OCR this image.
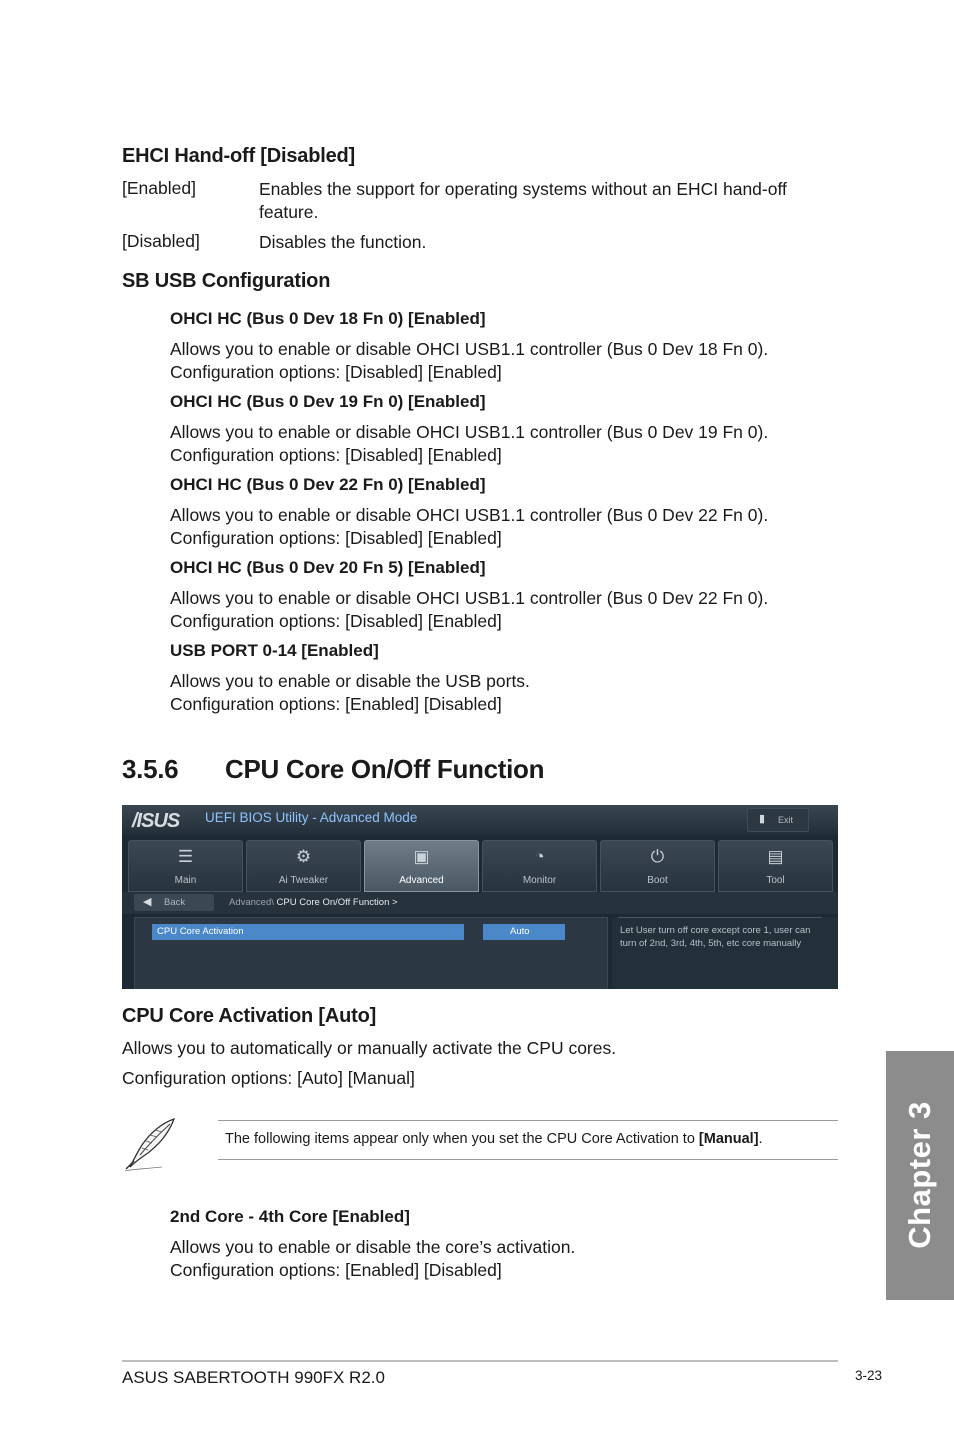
EHCI Hand-off [Disabled]
[Enabled]	Enables the support for operating systems without an EHCI hand-off
feature.
[Disabled]	Disables the function.
SB USB Configuration
OHCI HC (Bus 0 Dev 18 Fn 0) [Enabled]
Allows you to enable or disable OHCI USB1.1 controller (Bus 0 Dev 18 Fn 0).
Configuration options: [Disabled] [Enabled]
OHCI HC (Bus 0 Dev 19 Fn 0) [Enabled]
Allows you to enable or disable OHCI USB1.1 controller (Bus 0 Dev 19 Fn 0).
Configuration options: [Disabled] [Enabled]
OHCI HC (Bus 0 Dev 22 Fn 0) [Enabled]
Allows you to enable or disable OHCI USB1.1 controller (Bus 0 Dev 22 Fn 0).
Configuration options: [Disabled] [Enabled]
OHCI HC (Bus 0 Dev 20 Fn 5) [Enabled]
Allows you to enable or disable OHCI USB1.1 controller (Bus 0 Dev 22 Fn 0).
Configuration options: [Disabled] [Enabled]
USB PORT 0-14 [Enabled]
Allows you to enable or disable the USB ports.
Configuration options: [Enabled] [Disabled]
3.5.6 CPU Core On/Off Function
/ISUS UEFI BIOS Utility - Advanced Mode	▮ Exit
☰
Main
⚙
Ai Tweaker
▣
Advanced
◔
Monitor
⏻
Boot
▤
Tool
◀ Back	Advanced\ CPU Core On/Off Function >
CPU Core Activation	Auto	Let User turn off core except core 1, user can turn of 2nd, 3rd, 4th, 5th, etc core manually
CPU Core Activation [Auto]
Allows you to automatically or manually activate the CPU cores.
Configuration options: [Auto] [Manual]
The following items appear only when you set the CPU Core Activation to [Manual].
2nd Core - 4th Core [Enabled]
Allows you to enable or disable the core’s activation.
Configuration options: [Enabled] [Disabled]
Chapter 3
ASUS SABERTOOTH 990FX R2.0	3-23
